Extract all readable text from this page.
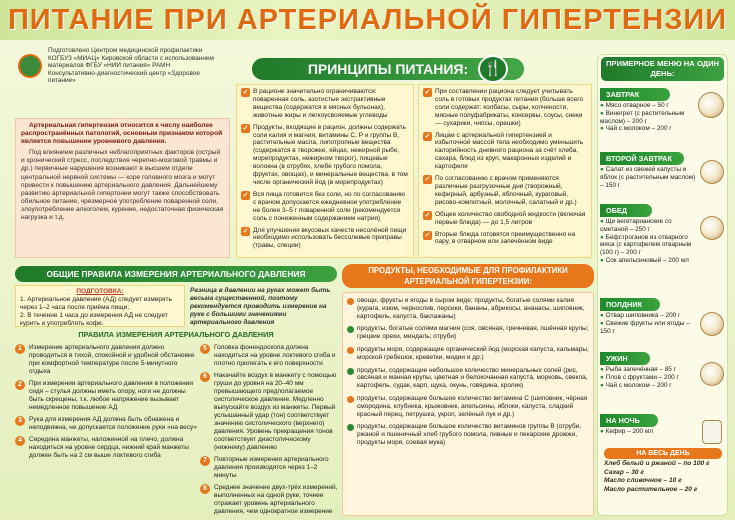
ПИТАНИЕ ПРИ АРТЕРИАЛЬНОЙ ГИПЕРТЕНЗИИ
Подготовлено Центром медицинской профилактики КОГБУЗ «МИАЦ» Кировской области с использованием материалов ФГБУ «НИИ питания» РАМН Консультативно-диагностический центр «Здоровое питание»
ПРИНЦИПЫ ПИТАНИЯ:	🍴

Артериальная гипертензия относится к числу наиболее распространённых патологий, основным признаком которой является повышение уровневого давления.

Под влиянием различных неблагоприятных факторов (острый и хронический стресс, последствия черепно-мозговой травмы и др.) первичные нарушения возникают в высшем отделе центральной нервной системы — коре головного мозга и могут привести к повышению артериального давления. Дальнейшему развитию артериальной гипертонии могут также способствовать обильное питание, чрезмерное употребление поваренной соли, злоупотребление алкоголем, курение, недостаточная физическая нагрузка и т.д.

✓ В рационе значительно ограничиваются: поваренная соль, азотистые экстрактивные вещества (содержатся в мясных бульонах), животные жиры и легкоусвояемые углеводы
✓ Продукты, входящие в рацион, должны содержать соли калия и магния, витамины С, Р и группы В, растительные масла, липотропные вещества (содержатся в творожке, яйцах, нежирной рыбе, морепродуктах, нежирном творог), пищевые волокна (в отрубях, хлебе грубого помола, фруктах, овощах), и минеральные вещества, в том числе органический йод (в морепродуктах)
✓ Вся пища готовится без соли, но по согласованию с врачом допускается ежедневное употребление не более 3–5 г поваренной соли (рекомендуется соль с пониженным содержанием натрия)
✓ Для улучшения вкусовых качеств несолёной пищи необходимо использовать бессолевые приправы (травы, специи)
✓ При составлении рациона следует учитывать соль в готовых продуктах питания (больше всего соли содержат: колбасы, сыры, копчености, мясные полуфабрикаты, консервы, соусы, снеки — сухарики, чипсы, орешки)
✓ Лицам с артериальной гипертензией и избыточной массой тела необходимо уменьшить калорийность дневного рациона за счёт хлеба, сахара, блюд из круп, макаронных изделий и картофеля
✓ По согласованию с врачом применяются различные разгрузочные дни (творожный, кефирный, арбузный, яблочный, кураговый, рисово-компотный, молочный, салатный и др.)
✓ Общее количество свободной жидкости (включая первые блюда) — до 1,5 литров
✓ Вторые блюда готовятся преимущественно на пару, в отварном или запечённом виде
ОБЩИЕ ПРАВИЛА ИЗМЕРЕНИЯ АРТЕРИАЛЬНОГО ДАВЛЕНИЯ
ПОДГОТОВКА:
1. Артериальное давление (АД) следует измерять через 1–2 часа после приёма пищи;
2. В течение 1 часа до измерения АД не следует курить и употреблять кофе.
Разница в давлении на руках может быть весьма существенной, поэтому рекомендуется проводить измерение на руке с большими значениями артериального давления
ПРАВИЛА ИЗМЕРЕНИЯ АРТЕРИАЛЬНОГО ДАВЛЕНИЯ
1	Измерение артериального давления должно проводиться в тихой, спокойной и удобной обстановке при комфортной температуре после 5-минутного отдыха
2	При измерении артериального давления в положении сидя – стулья должны иметь опору, ноги не должны быть скрещены, т.к. любое напряжение вызывает немедленное повышение АД
3	Рука для измерения АД должна быть обнажена и неподвижна, не допускается положение руки «на весу»
4	Середина манжеты, наложенной на плечо, должна находиться на уровне сердца, нижний край манжеты должен быть на 2 см выше локтевого сгиба
5	Головка фонендоскопа должна находиться на уровне локтевого сгиба и плотно прилегать к его поверхности
6	Накачайте воздух в манжету с помощью груши до уровня на 20–40 мм превышающего предполагаемое систолическое давление. Медленно выпускайте воздух из манжеты. Первый услышанный удар (тон) соответствует значению систолического (верхнего) давления. Уровень прекращения тонов соответствует диастолическому (нижнему) давлению
7	Повторные измерения артериального давления производятся через 1–2 минуты
8	Среднее значение двух-трёх измерений, выполненных на одной руке, точнее отражает уровень артериального давления, чем однократное измерение
ПРОДУКТЫ, НЕОБХОДИМЫЕ ДЛЯ ПРОФИЛАКТИКИ АРТЕРИАЛЬНОЙ ГИПЕРТЕНЗИИ:
овощи, фрукты и ягоды в сыром виде; продукты, богатые солями калия (курага, изюм, чернослив, персики, бананы, абрикосы, ананасы, шиповник, картофель, капуста, баклажаны)
продукты, богатые солями магния (соя, овсяная, гречневая, пшённая крупы; грецкие орехи, миндаль; отруби)
продукты моря, содержащие органический йод (морская капуста, кальмары, морской гребешок, креветки, мидии и др.)
продукты, содержащие небольшое количество минеральных солей (рис, овсяная и манная крупы, цветная и белокочанная капуста, морковь, свекла, картофель, судак, карп, щука, окунь, говядина, кролик)
продукты, содержащие большое количество витамина С (шиповник, чёрная смородина, клубника, крыжовник, апельсины, яблоки, капуста, сладкий красный перец, петрушка, укроп, зелёный лук и др.)
продукты, содержащие большое количество витаминов группы В (отруби, ржаной и пшеничный хлеб грубого помола, пивные и пекарские дрожжи, продукты моря, соевая мука)
ПРИМЕРНОЕ МЕНЮ НА ОДИН ДЕНЬ:
ЗАВТРАК
● Мясо отварное – 50 г
● Винегрет (с растительным маслом) – 200 г
● Чай с молоком – 200 г
ВТОРОЙ ЗАВТРАК
● Салат из свежей капусты и яблок (с растительным маслом) – 150 г
ОБЕД
● Щи вегетарианские со сметаной – 250 г
● Бефстроганов из отварного мяса (с картофелем отварным (100 г) – 200 г
● Сок апельсиновый – 200 мл
ПОЛДНИК
● Отвар шиповника – 200 г
● Свежие фрукты или ягоды – 150 г
УЖИН
● Рыба запечённая – 85 г
● Плов с фруктами – 200 г
● Чай с молоком – 200 г
НА НОЧЬ
● Кефир – 200 мл
НА ВЕСЬ ДЕНЬ
Хлеб белый и ржаной – по 100 г
Сахар – 30 г
Масло сливочное – 10 г
Масло растительное – 20 г
